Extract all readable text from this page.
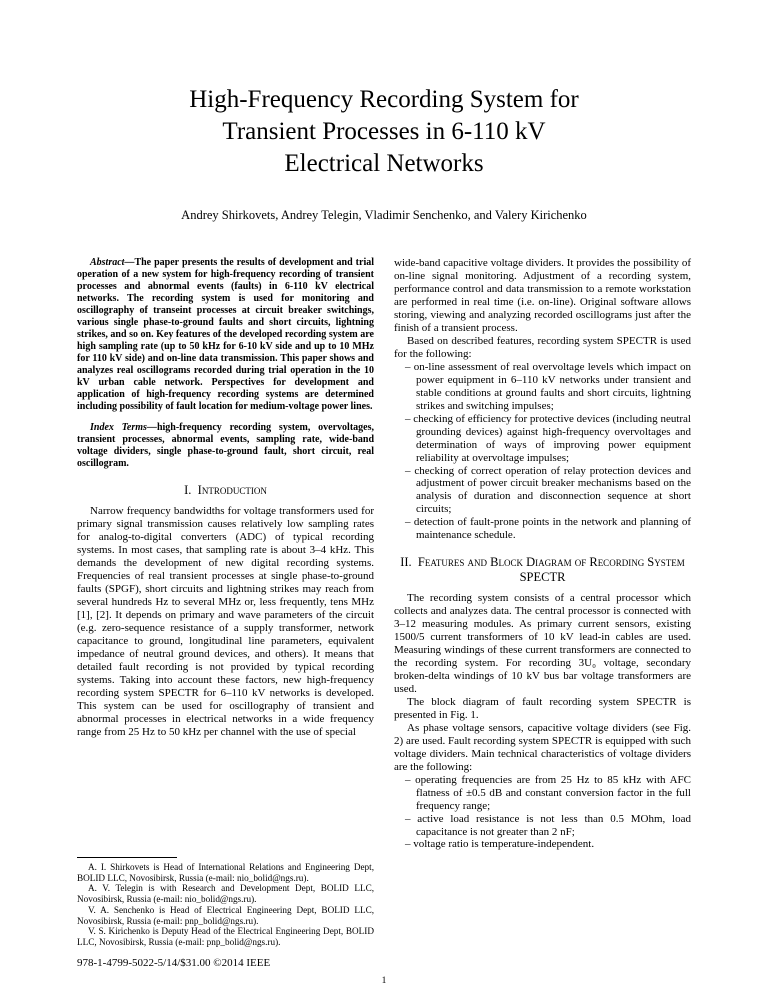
High-Frequency Recording System for
Transient Processes in 6-110 kV
Electrical Networks
Andrey Shirkovets, Andrey Telegin, Vladimir Senchenko, and Valery Kirichenko

Abstract—The paper presents the results of development and trial operation of a new system for high-frequency recording of transient processes and abnormal events (faults) in 6-110 kV electrical networks. The recording system is used for monitoring and oscillography of transeint processes at circuit breaker switchings, various single phase-to-ground faults and short circuits, lightning strikes, and so on. Key features of the developed recording system are high sampling rate (up to 50 kHz for 6-10 kV side and up to 10 MHz for 110 kV side) and on-line data transmission. This paper shows and analyzes real oscillograms recorded during trial operation in the 10 kV urban cable network. Perspectives for development and application of high-frequency recording systems are determined including possibility of fault location for medium-voltage power lines.

Index Terms—high-frequency recording system, overvoltages, transient processes, abnormal events, sampling rate, wide-band voltage dividers, single phase-to-ground fault, short circuit, real oscillogram.

I.  Introduction

Narrow frequency bandwidths for voltage transformers used for primary signal transmission causes relatively low sampling rates for analog-to-digital converters (ADC) of typical recording systems. In most cases, that sampling rate is about 3–4 kHz. This demands the development of new digital recording systems. Frequencies of real transient processes at single phase-to-ground faults (SPGF), short circuits and lightning strikes may reach from several hundreds Hz to several MHz or, less frequently, tens MHz [1], [2]. It depends on primary and wave parameters of the circuit (e.g. zero-sequence resistance of a supply transformer, network capacitance to ground, longitudinal line parameters, equivalent impedance of neutral ground devices, and others). It means that detailed fault recording is not provided by typical recording systems. Taking into account these factors, new high-frequency recording system SPECTR for 6–110 kV networks is developed. This system can be used for oscillography of transient and abnormal processes in electrical networks in a wide frequency range from 25 Hz to 50 kHz per channel with the use of special

A. I. Shirkovets is Head of International Relations and Engineering Dept, BOLID LLC, Novosibirsk, Russia (e-mail: nio_bolid@ngs.ru).

A. V. Telegin is with Research and Development Dept, BOLID LLC, Novosibirsk, Russia (e-mail: nio_bolid@ngs.ru).

V. A. Senchenko is Head of Electrical Engineering Dept, BOLID LLC, Novosibirsk, Russia (e-mail: pnp_bolid@ngs.ru).

V. S. Kirichenko is Deputy Head of the Electrical Engineering Dept, BOLID LLC, Novosibirsk, Russia (e-mail: pnp_bolid@ngs.ru).

978-1-4799-5022-5/14/$31.00 ©2014 IEEE

wide-band capacitive voltage dividers. It provides the possibility of on-line signal monitoring. Adjustment of a recording system, performance control and data transmission to a remote workstation are performed in real time (i.e. on-line). Original software allows storing, viewing and analyzing recorded oscillograms just after the finish of a transient process.

Based on described features, recording system SPECTR is used for the following:

– on-line assessment of real overvoltage levels which impact on power equipment in 6–110 kV networks under transient and stable conditions at ground faults and short circuits, lightning strikes and switching impulses;
– checking of efficiency for protective devices (including neutral grounding devices) against high-frequency overvoltages and determination of ways of improving power equipment reliability at overvoltage impulses;
– checking of correct operation of relay protection devices and adjustment of power circuit breaker mechanisms based on the analysis of duration and disconnection sequence at short circuits;
– detection of fault-prone points in the network and planning of maintenance schedule.
II.  Features and Block Diagram of Recording System SPECTR

The recording system consists of a central processor which collects and analyzes data. The central processor is connected with 3–12 measuring modules. As primary current sensors, existing 1500/5 current transformers of 10 kV lead-in cables are used. Measuring windings of these current transformers are connected to the recording system. For recording 3U₀ voltage, secondary broken-delta windings of 10 kV bus bar voltage transformers are used.

The block diagram of fault recording system SPECTR is presented in Fig. 1.

As phase voltage sensors, capacitive voltage dividers (see Fig. 2) are used. Fault recording system SPECTR is equipped with such voltage dividers. Main technical characteristics of voltage dividers are the following:

– operating frequencies are from 25 Hz to 85 kHz with AFC flatness of ±0.5 dB and constant conversion factor in the full frequency range;
– active load resistance is not less than 0.5 MOhm, load capacitance is not greater than 2 nF;
– voltage ratio is temperature-independent.
1
